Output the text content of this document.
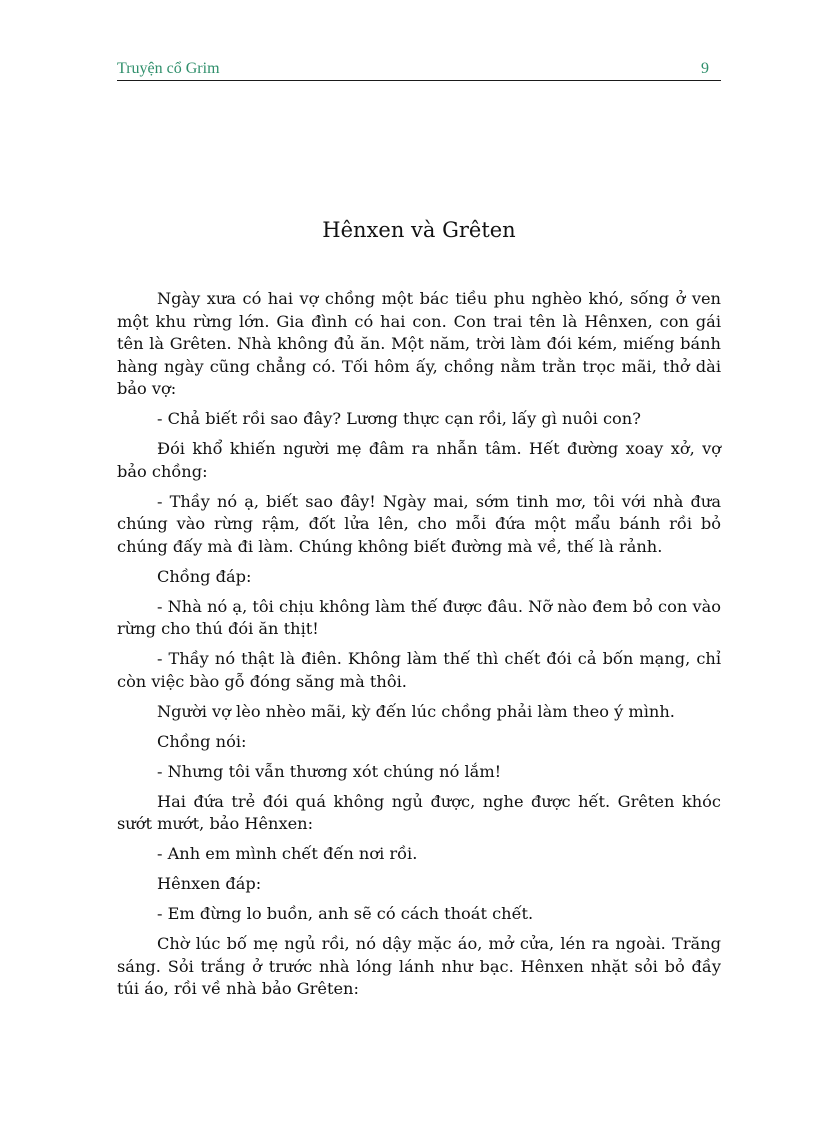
Truyện cổ Grim	9
Hênxen và Grêten

Ngày xưa có hai vợ chồng một bác tiều phu nghèo khó, sống ở ven một khu rừng lớn. Gia đình có hai con. Con trai tên là Hênxen, con gái tên là Grêten. Nhà không đủ ăn. Một năm, trời làm đói kém, miếng bánh hàng ngày cũng chẳng có. Tối hôm ấy, chồng nằm trằn trọc mãi, thở dài bảo vợ:

- Chả biết rồi sao đây? Lương thực cạn rồi, lấy gì nuôi con?

Đói khổ khiến người mẹ đâm ra nhẫn tâm. Hết đường xoay xở, vợ bảo chồng:

- Thầy nó ạ, biết sao đây! Ngày mai, sớm tinh mơ, tôi với nhà đưa chúng vào rừng rậm, đốt lửa lên, cho mỗi đứa một mẩu bánh rồi bỏ chúng đấy mà đi làm. Chúng không biết đường mà về, thế là rảnh.

Chồng đáp:

- Nhà nó ạ, tôi chịu không làm thế được đâu. Nỡ nào đem bỏ con vào rừng cho thú đói ăn thịt!

- Thầy nó thật là điên. Không làm thế thì chết đói cả bốn mạng, chỉ còn việc bào gỗ đóng săng mà thôi.

Người vợ lèo nhèo mãi, kỳ đến lúc chồng phải làm theo ý mình.

Chồng nói:

- Nhưng tôi vẫn thương xót chúng nó lắm!

Hai đứa trẻ đói quá không ngủ được, nghe được hết. Grêten khóc sướt mướt, bảo Hênxen:

- Anh em mình chết đến nơi rồi.

Hênxen đáp:

- Em đừng lo buồn, anh sẽ có cách thoát chết.

Chờ lúc bố mẹ ngủ rồi, nó dậy mặc áo, mở cửa, lén ra ngoài. Trăng sáng. Sỏi trắng ở trước nhà lóng lánh như bạc. Hênxen nhặt sỏi bỏ đầy túi áo, rồi về nhà bảo Grêten:
